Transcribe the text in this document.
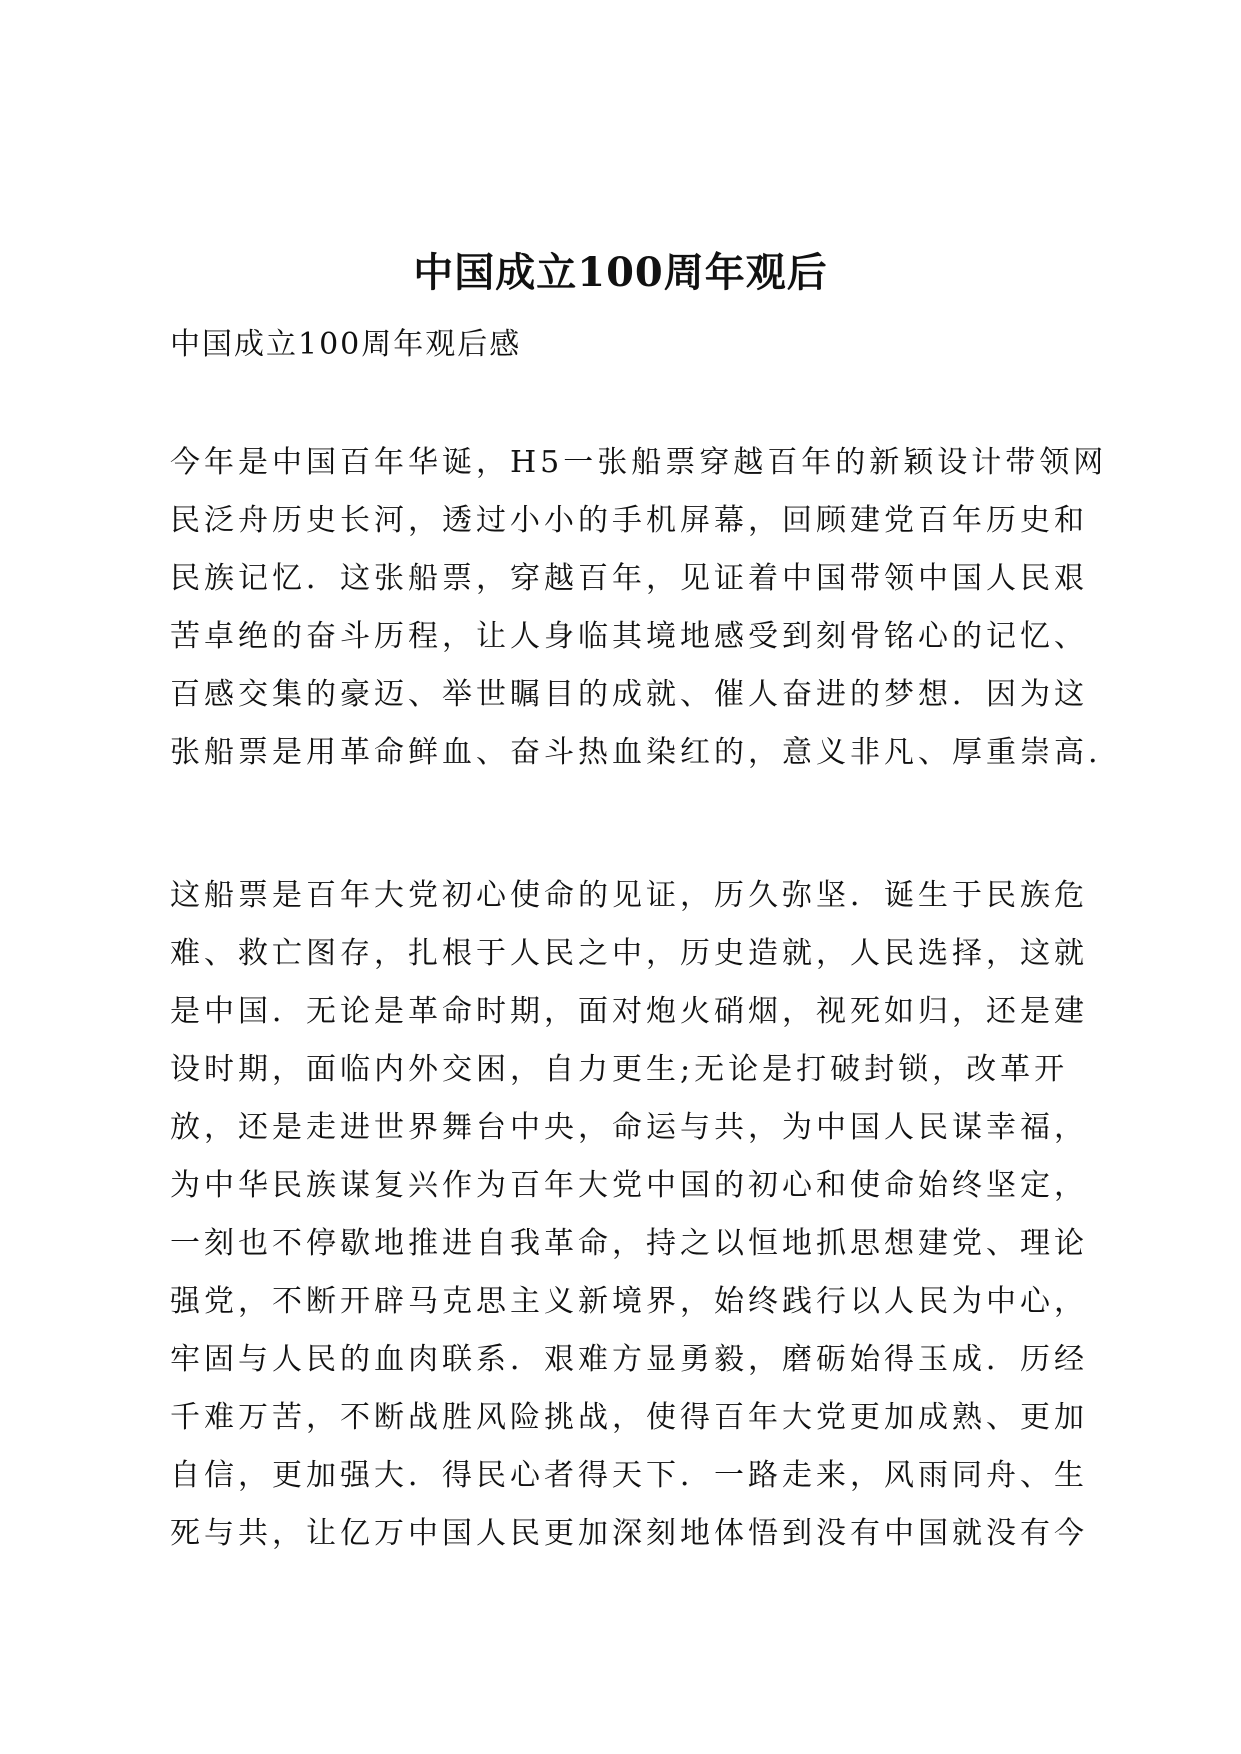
中国成立100周年观后

中国成立100周年观后感

今年是中国百年华诞，H5一张船票穿越百年的新颖设计带领网
民泛舟历史长河，透过小小的手机屏幕，回顾建党百年历史和
民族记忆．这张船票，穿越百年，见证着中国带领中国人民艰
苦卓绝的奋斗历程，让人身临其境地感受到刻骨铭心的记忆、
百感交集的豪迈、举世瞩目的成就、催人奋进的梦想．因为这
张船票是用革命鲜血、奋斗热血染红的，意义非凡、厚重崇高.
这船票是百年大党初心使命的见证，历久弥坚．诞生于民族危
难、救亡图存，扎根于人民之中，历史造就，人民选择，这就
是中国．无论是革命时期，面对炮火硝烟，视死如归，还是建
设时期，面临内外交困，自力更生;无论是打破封锁，改革开
放，还是走进世界舞台中央，命运与共，为中国人民谋幸福，
为中华民族谋复兴作为百年大党中国的初心和使命始终坚定，
一刻也不停歇地推进自我革命，持之以恒地抓思想建党、理论
强党，不断开辟马克思主义新境界，始终践行以人民为中心，
牢固与人民的血肉联系．艰难方显勇毅，磨砺始得玉成．历经
千难万苦，不断战胜风险挑战，使得百年大党更加成熟、更加
自信，更加强大．得民心者得天下．一路走来，风雨同舟、生
死与共，让亿万中国人民更加深刻地体悟到没有中国就没有今
